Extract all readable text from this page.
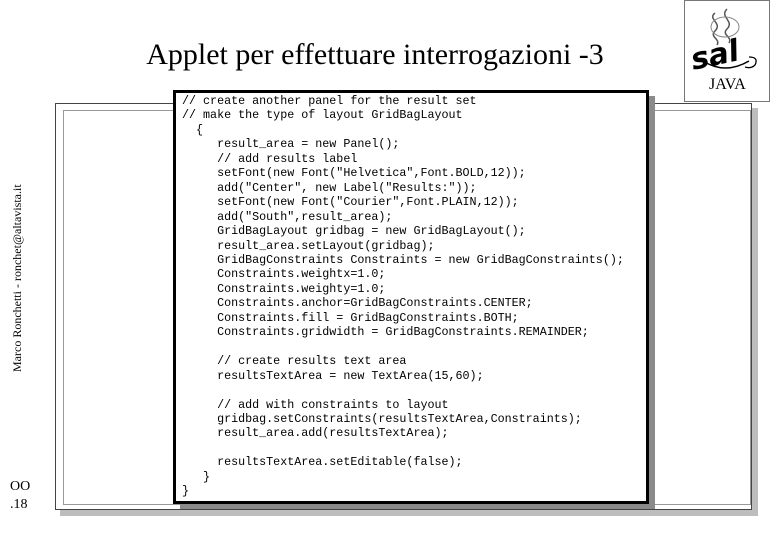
Applet per effettuare interrogazioni -3
Marco Ronchetti - ronchet@altavista.it
OO
.18
sal
JAVA
// create another panel for the result set
// make the type of layout GridBagLayout
{
result_area = new Panel();
// add results label
setFont(new Font("Helvetica",Font.BOLD,12));
add("Center", new Label("Results:"));
setFont(new Font("Courier",Font.PLAIN,12));
add("South",result_area);
GridBagLayout gridbag = new GridBagLayout();
result_area.setLayout(gridbag);
GridBagConstraints Constraints = new GridBagConstraints();
Constraints.weightx=1.0;
Constraints.weighty=1.0;
Constraints.anchor=GridBagConstraints.CENTER;
Constraints.fill = GridBagConstraints.BOTH;
Constraints.gridwidth = GridBagConstraints.REMAINDER;

// create results text area
resultsTextArea = new TextArea(15,60);

// add with constraints to layout
gridbag.setConstraints(resultsTextArea,Constraints);
result_area.add(resultsTextArea);

resultsTextArea.setEditable(false);
}
}
